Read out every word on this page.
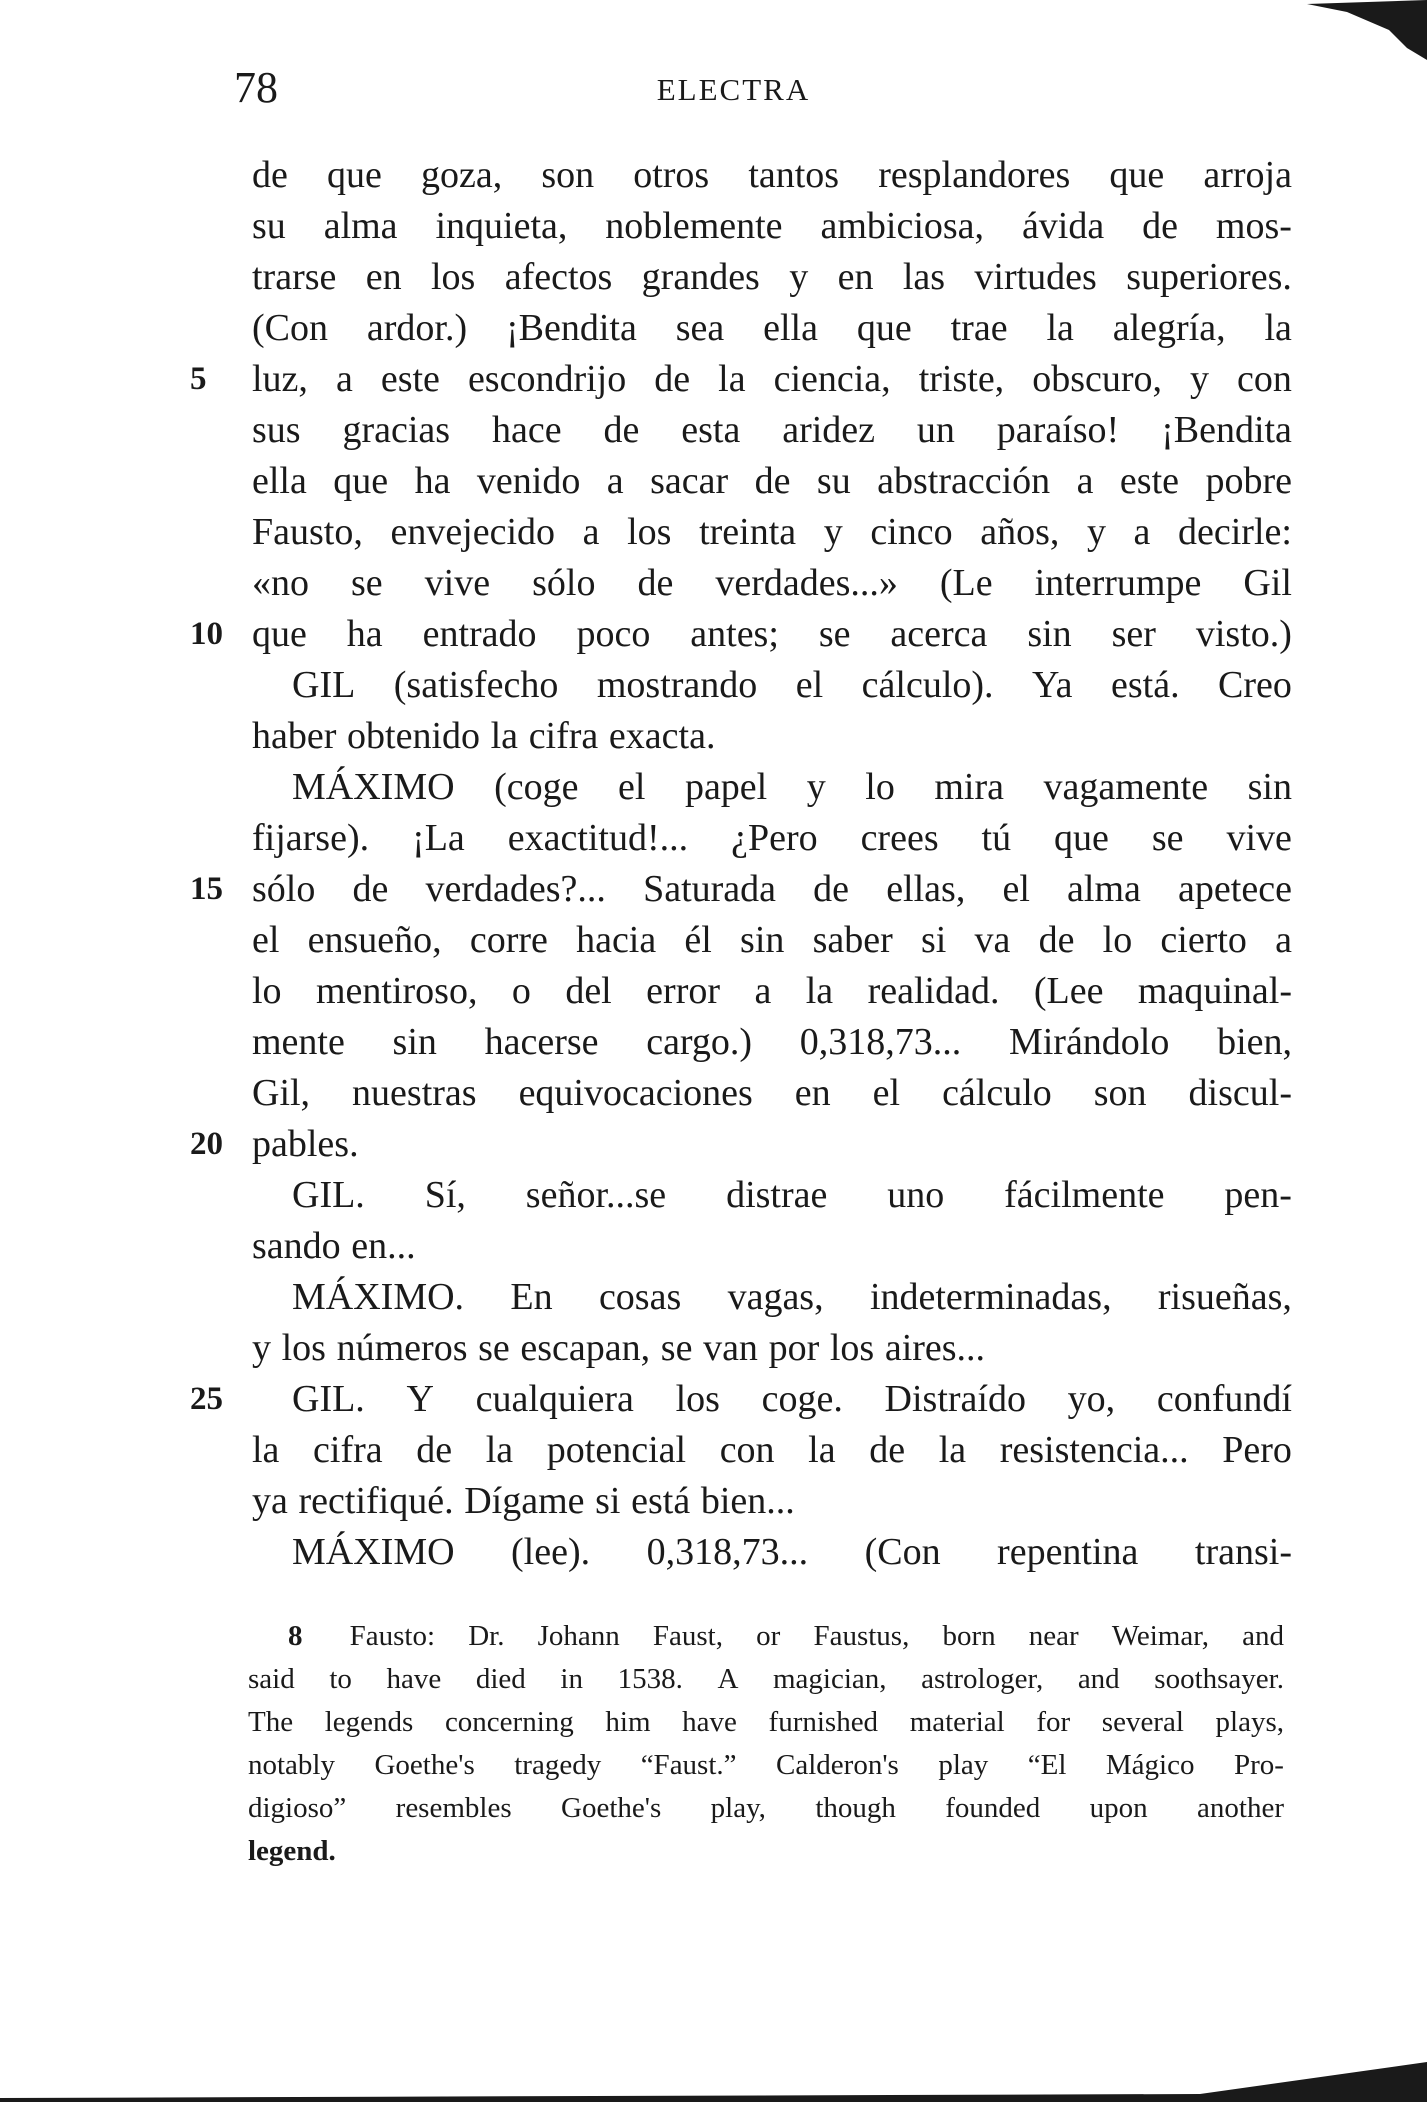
78	ELECTRA
de que goza, son otros tantos resplandores que arroja
su alma inquieta, noblemente ambiciosa, ávida de mos-
trarse en los afectos grandes y en las virtudes superiores.
(Con ardor.) ¡Bendita sea ella que trae la alegría, la
5 luz, a este escondrijo de la ciencia, triste, obscuro, y con
sus gracias hace de esta aridez un paraíso! ¡Bendita
ella que ha venido a sacar de su abstracción a este pobre
Fausto, envejecido a los treinta y cinco años, y a decirle:
«no se vive sólo de verdades...» (Le interrumpe Gil
10 que ha entrado poco antes; se acerca sin ser visto.)
GIL (satisfecho mostrando el cálculo). Ya está. Creo
haber obtenido la cifra exacta.
MÁXIMO (coge el papel y lo mira vagamente sin
fijarse). ¡La exactitud!... ¿Pero crees tú que se vive
15 sólo de verdades?... Saturada de ellas, el alma apetece
el ensueño, corre hacia él sin saber si va de lo cierto a
lo mentiroso, o del error a la realidad. (Lee maquinal-
mente sin hacerse cargo.) 0,318,73... Mirándolo bien,
Gil, nuestras equivocaciones en el cálculo son discul-
20 pables.
GIL. Sí, señor...se distrae uno fácilmente pen-
sando en...
MÁXIMO. En cosas vagas, indeterminadas, risueñas,
y los números se escapan, se van por los aires...
25 GIL. Y cualquiera los coge. Distraído yo, confundí
la cifra de la potencial con la de la resistencia... Pero
ya rectifiqué. Dígame si está bien...
MÁXIMO (lee). 0,318,73... (Con repentina transi-
8 Fausto: Dr. Johann Faust, or Faustus, born near Weimar, and
said to have died in 1538. A magician, astrologer, and soothsayer.
The legends concerning him have furnished material for several plays,
notably Goethe's tragedy “Faust.” Calderon's play “El Mágico Pro-
digioso” resembles Goethe's play, though founded upon another
legend.
